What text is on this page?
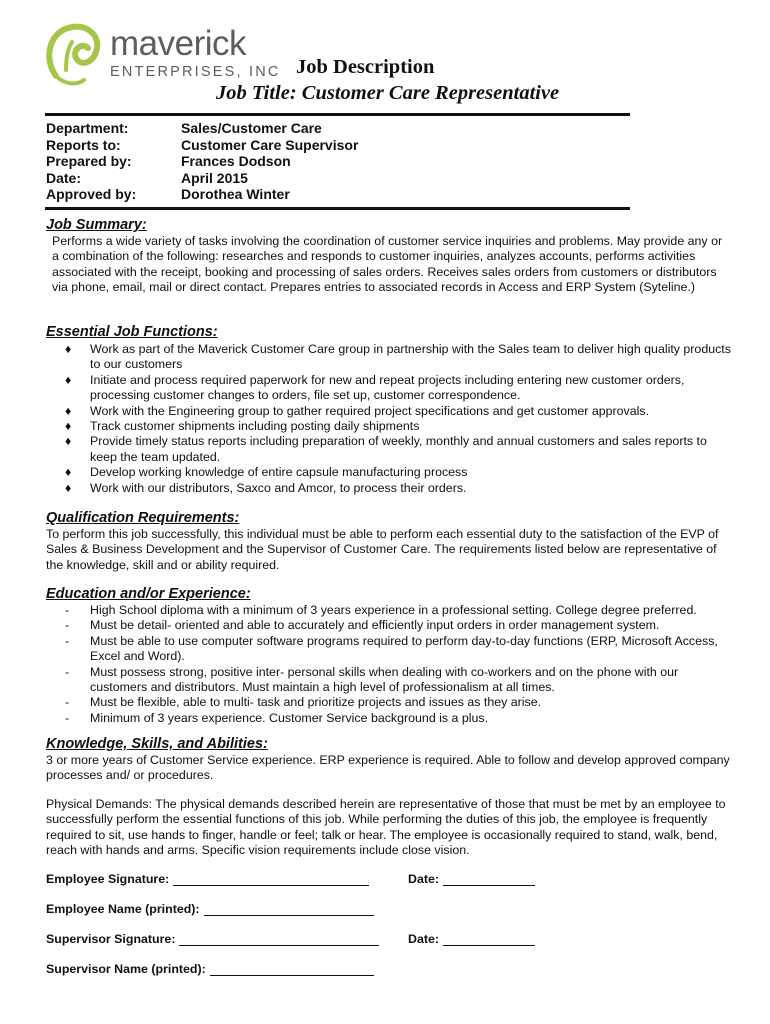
maverick
ENTERPRISES, INC Job Description
Job Title: Customer Care Representative
Department:	Sales/Customer Care
Reports to:	Customer Care Supervisor
Prepared by:	Frances Dodson
Date:	April 2015
Approved by:	Dorothea Winter
Job Summary:
Performs a wide variety of tasks involving the coordination of customer service inquiries and problems. May provide any or a combination of the following: researches and responds to customer inquiries, analyzes accounts, performs activities associated with the receipt, booking and processing of sales orders. Receives sales orders from customers or distributors via phone, email, mail or direct contact. Prepares entries to associated records in Access and ERP System (Syteline.)
Essential Job Functions:
♦	Work as part of the Maverick Customer Care group in partnership with the Sales team to deliver high quality products to our customers
♦	Initiate and process required paperwork for new and repeat projects including entering new customer orders, processing customer changes to orders, file set up, customer correspondence.
♦	Work with the Engineering group to gather required project specifications and get customer approvals.
♦	Track customer shipments including posting daily shipments
♦	Provide timely status reports including preparation of weekly, monthly and annual customers and sales reports to keep the team updated.
♦	Develop working knowledge of entire capsule manufacturing process
♦	Work with our distributors, Saxco and Amcor, to process their orders.
Qualification Requirements:
To perform this job successfully, this individual must be able to perform each essential duty to the satisfaction of the EVP of Sales & Business Development and the Supervisor of Customer Care. The requirements listed below are representative of the knowledge, skill and or ability required.
Education and/or Experience:
-	High School diploma with a minimum of 3 years experience in a professional setting. College degree preferred.
-	Must be detail- oriented and able to accurately and efficiently input orders in order management system.
-	Must be able to use computer software programs required to perform day-to-day functions (ERP, Microsoft Access, Excel and Word).
-	Must possess strong, positive inter- personal skills when dealing with co-workers and on the phone with our customers and distributors. Must maintain a high level of professionalism at all times.
-	Must be flexible, able to multi- task and prioritize projects and issues as they arise.
-	Minimum of 3 years experience. Customer Service background is a plus.
Knowledge, Skills, and Abilities:
3 or more years of Customer Service experience. ERP experience is required. Able to follow and develop approved company processes and/ or procedures.
Physical Demands: The physical demands described herein are representative of those that must be met by an employee to successfully perform the essential functions of this job. While performing the duties of this job, the employee is frequently required to sit, use hands to finger, handle or feel; talk or hear. The employee is occasionally required to stand, walk, bend, reach with hands and arms. Specific vision requirements include close vision.
Employee Signature:	Date:
Employee Name (printed):
Supervisor Signature:	Date:
Supervisor Name (printed):
